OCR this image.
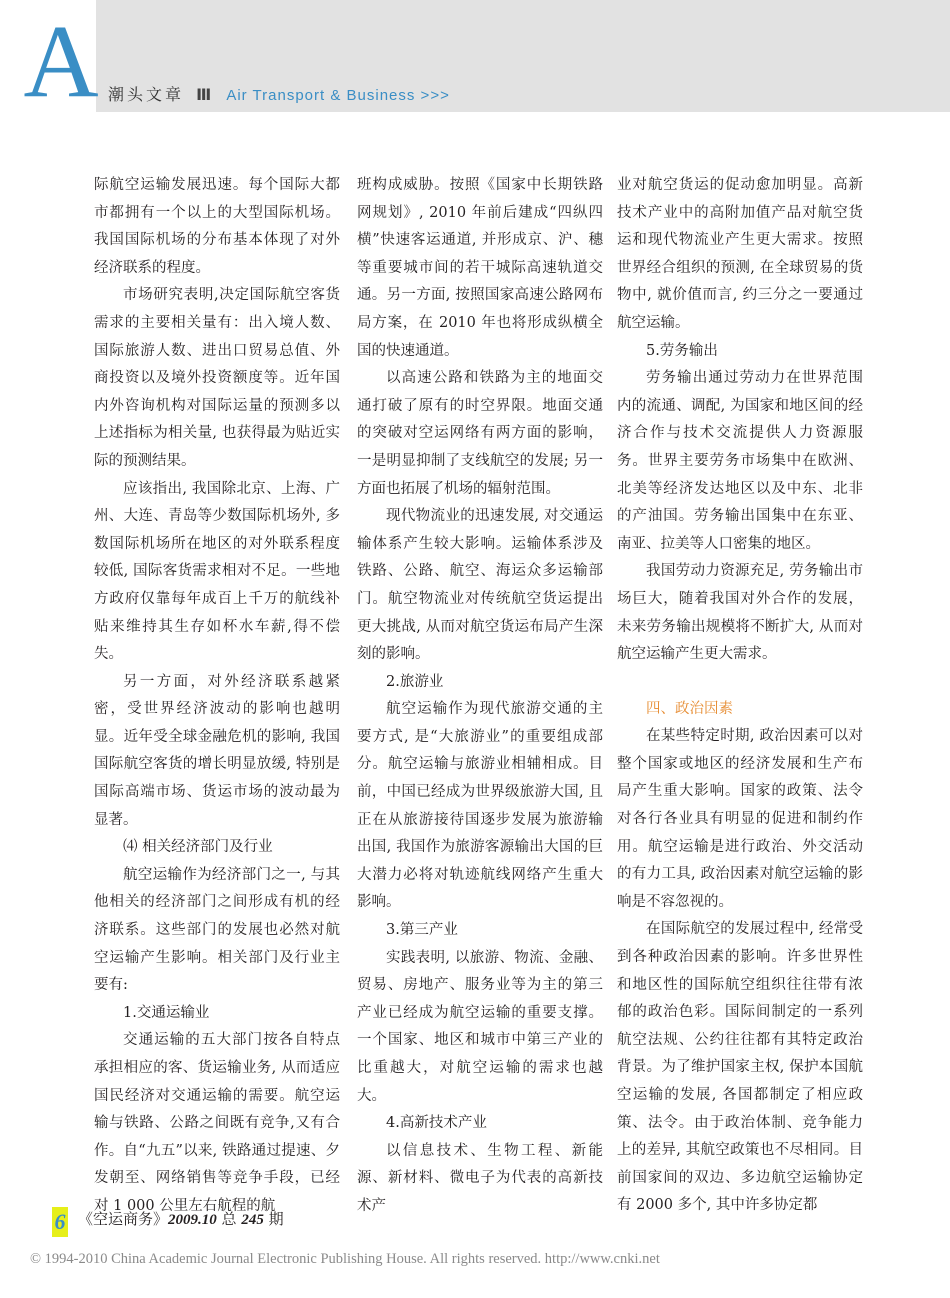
A 潮头文章 Ⅲ Air Transport & Business >>>

际航空运输发展迅速。每个国际大都市都拥有一个以上的大型国际机场。我国国际机场的分布基本体现了对外经济联系的程度。

市场研究表明,决定国际航空客货需求的主要相关量有：出入境人数、国际旅游人数、进出口贸易总值、外商投资以及境外投资额度等。近年国内外咨询机构对国际运量的预测多以上述指标为相关量, 也获得最为贴近实际的预测结果。

应该指出, 我国除北京、上海、广州、大连、青岛等少数国际机场外, 多数国际机场所在地区的对外联系程度较低, 国际客货需求相对不足。一些地方政府仅靠每年成百上千万的航线补贴来维持其生存如杯水车薪,得不偿失。

另一方面，对外经济联系越紧密，受世界经济波动的影响也越明显。近年受全球金融危机的影响, 我国国际航空客货的增长明显放缓, 特别是国际高端市场、货运市场的波动最为显著。

⑷ 相关经济部门及行业

航空运输作为经济部门之一, 与其他相关的经济部门之间形成有机的经济联系。这些部门的发展也必然对航空运输产生影响。相关部门及行业主要有:

1.交通运输业

交通运输的五大部门按各自特点承担相应的客、货运输业务, 从而适应国民经济对交通运输的需要。航空运输与铁路、公路之间既有竞争,又有合作。自“九五”以来, 铁路通过提速、夕发朝至、网络销售等竞争手段，已经对 1 000 公里左右航程的航

班构成威胁。按照《国家中长期铁路网规划》, 2010 年前后建成“四纵四横”快速客运通道, 并形成京、沪、穗等重要城市间的若干城际高速轨道交通。另一方面, 按照国家高速公路网布局方案，在 2010 年也将形成纵横全国的快速通道。

以高速公路和铁路为主的地面交通打破了原有的时空界限。地面交通的突破对空运网络有两方面的影响，一是明显抑制了支线航空的发展; 另一方面也拓展了机场的辐射范围。

现代物流业的迅速发展, 对交通运输体系产生较大影响。运输体系涉及铁路、公路、航空、海运众多运输部门。航空物流业对传统航空货运提出更大挑战, 从而对航空货运布局产生深刻的影响。

2.旅游业

航空运输作为现代旅游交通的主要方式, 是“大旅游业”的重要组成部分。航空运输与旅游业相辅相成。目前，中国已经成为世界级旅游大国, 且正在从旅游接待国逐步发展为旅游输出国, 我国作为旅游客源输出大国的巨大潜力必将对轨迹航线网络产生重大影响。

3.第三产业

实践表明, 以旅游、物流、金融、贸易、房地产、服务业等为主的第三产业已经成为航空运输的重要支撑。一个国家、地区和城市中第三产业的比重越大，对航空运输的需求也越大。

4.高新技术产业

以信息技术、生物工程、新能源、新材料、微电子为代表的高新技术产

业对航空货运的促动愈加明显。高新技术产业中的高附加值产品对航空货运和现代物流业产生更大需求。按照世界经合组织的预测, 在全球贸易的货物中, 就价值而言, 约三分之一要通过航空运输。

5.劳务输出

劳务输出通过劳动力在世界范围内的流通、调配, 为国家和地区间的经济合作与技术交流提供人力资源服务。世界主要劳务市场集中在欧洲、北美等经济发达地区以及中东、北非的产油国。劳务输出国集中在东亚、南亚、拉美等人口密集的地区。

我国劳动力资源充足, 劳务输出市场巨大，随着我国对外合作的发展，未来劳务输出规模将不断扩大, 从而对航空运输产生更大需求。

四、政治因素

在某些特定时期, 政治因素可以对整个国家或地区的经济发展和生产布局产生重大影响。国家的政策、法令对各行各业具有明显的促进和制约作用。航空运输是进行政治、外交活动的有力工具, 政治因素对航空运输的影响是不容忽视的。

在国际航空的发展过程中, 经常受到各种政治因素的影响。许多世界性和地区性的国际航空组织往往带有浓郁的政治色彩。国际间制定的一系列航空法规、公约往往都有其特定政治背景。为了维护国家主权, 保护本国航空运输的发展, 各国都制定了相应政策、法令。由于政治体制、竞争能力上的差异, 其航空政策也不尽相同。目前国家间的双边、多边航空运输协定有 2000 多个, 其中许多协定都

6 《空运商务》2009.10 总 245 期
© 1994-2010 China Academic Journal Electronic Publishing House. All rights reserved. http://www.cnki.net
